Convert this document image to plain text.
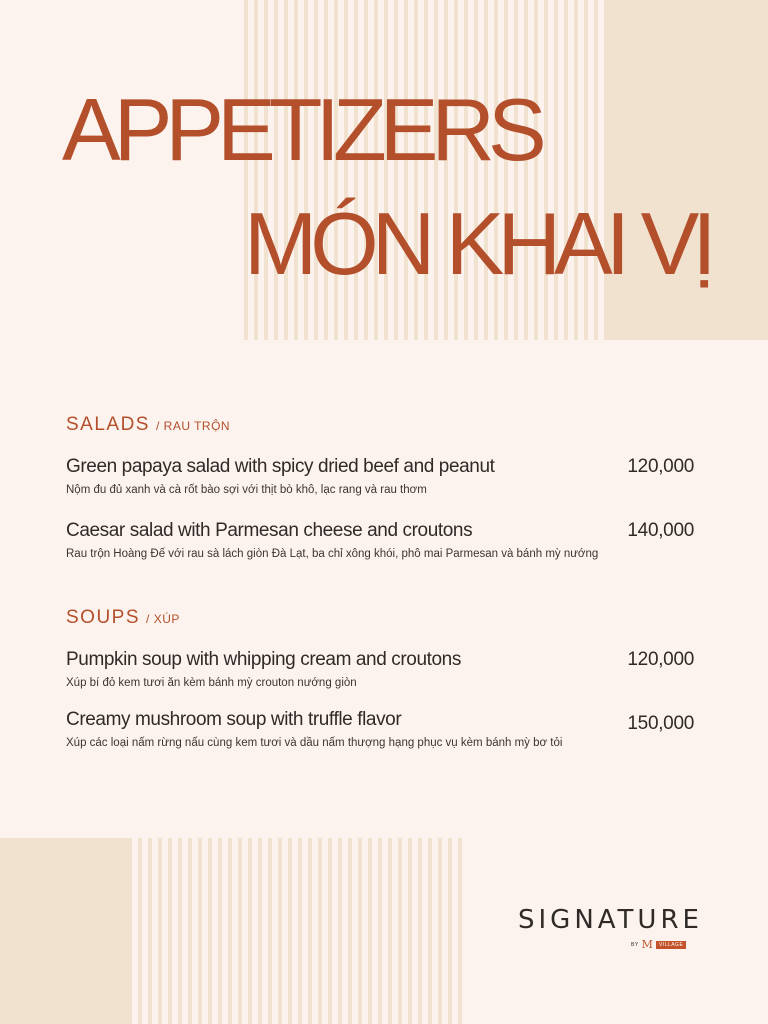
APPETIZERS
MÓN KHAI VỊ
SALADS / RAU TRỘN
Green papaya salad with spicy dried beef and peanut
Nộm đu đủ xanh và cà rốt bào sợi với thịt bò khô, lạc rang và rau thơm
120,000
Caesar salad with Parmesan cheese and croutons
Rau trộn Hoàng Đế với rau sà lách giòn Đà Lạt, ba chỉ xông khói, phô mai Parmesan và bánh mỳ nướng
140,000
SOUPS / XÚP
Pumpkin soup with whipping cream and croutons
Xúp bí đỏ kem tươi ăn kèm bánh mỳ crouton nướng giòn
120,000
Creamy mushroom soup with truffle flavor
Xúp các loại nấm rừng nấu cùng kem tươi và dầu nấm thượng hạng phục vụ kèm bánh mỳ bơ tỏi
150,000
SIGNATURE
BY M	VILLAGE
